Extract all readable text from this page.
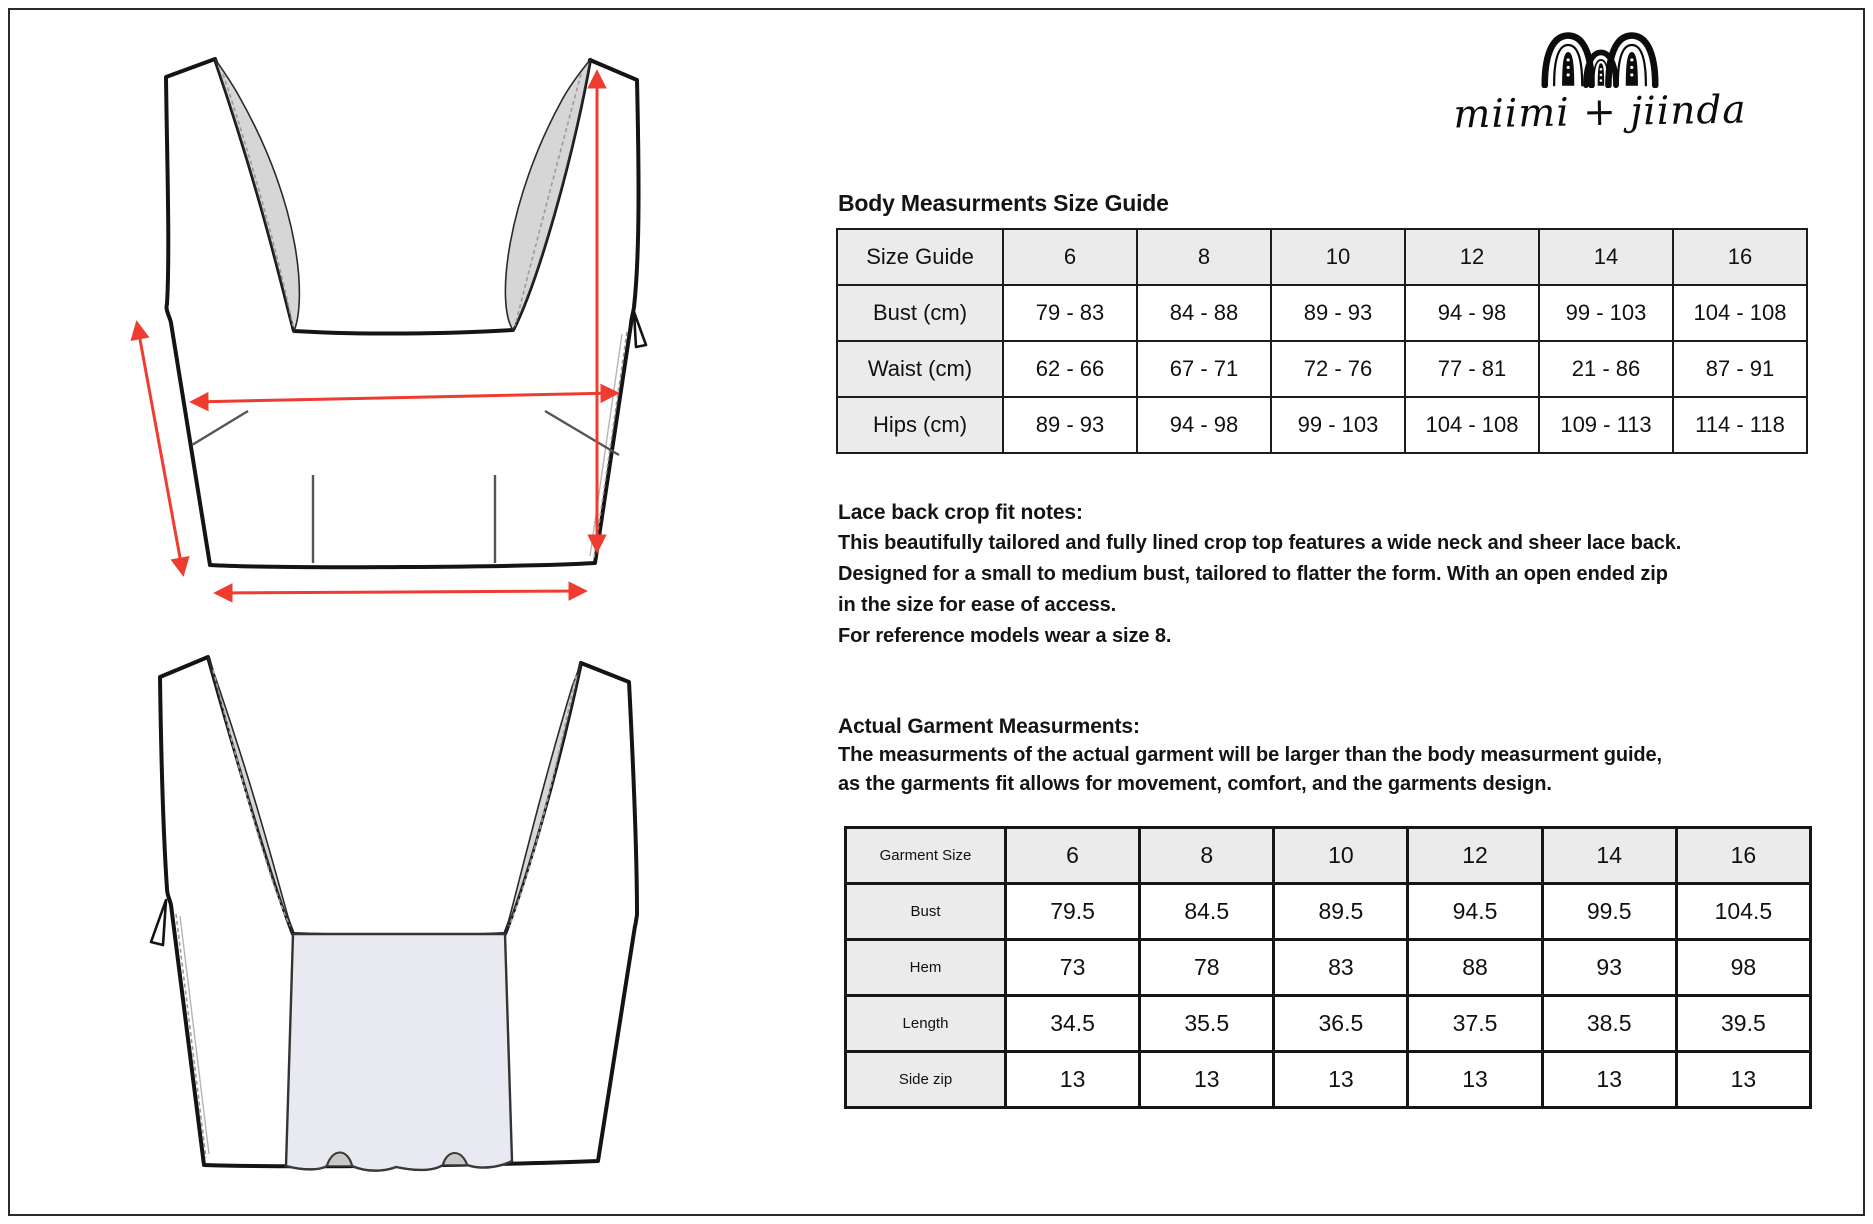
miimi + jiinda
Body Measurments Size Guide
Size Guide	6	8	10	12	14	16
Bust (cm)	79 - 83	84 - 88	89 - 93	94 - 98	99 - 103	104 - 108
Waist (cm)	62 - 66	67 - 71	72 - 76	77 - 81	21 - 86	87 - 91
Hips (cm)	89 - 93	94 - 98	99 - 103	104 - 108	109 - 113	114 - 118
Lace back crop fit notes:
This beautifully tailored and fully lined crop top features a wide neck and sheer lace back.
Designed for a small to medium bust, tailored to flatter the form. With an open ended zip
in the size for ease of access.
For reference models wear a size 8.
Actual Garment Measurments:
The measurments of the actual garment will be larger than the body measurment guide,
as the garments fit allows for movement, comfort, and the garments design.
Garment Size	6	8	10	12	14	16
Bust	79.5	84.5	89.5	94.5	99.5	104.5
Hem	73	78	83	88	93	98
Length	34.5	35.5	36.5	37.5	38.5	39.5
Side zip	13	13	13	13	13	13
